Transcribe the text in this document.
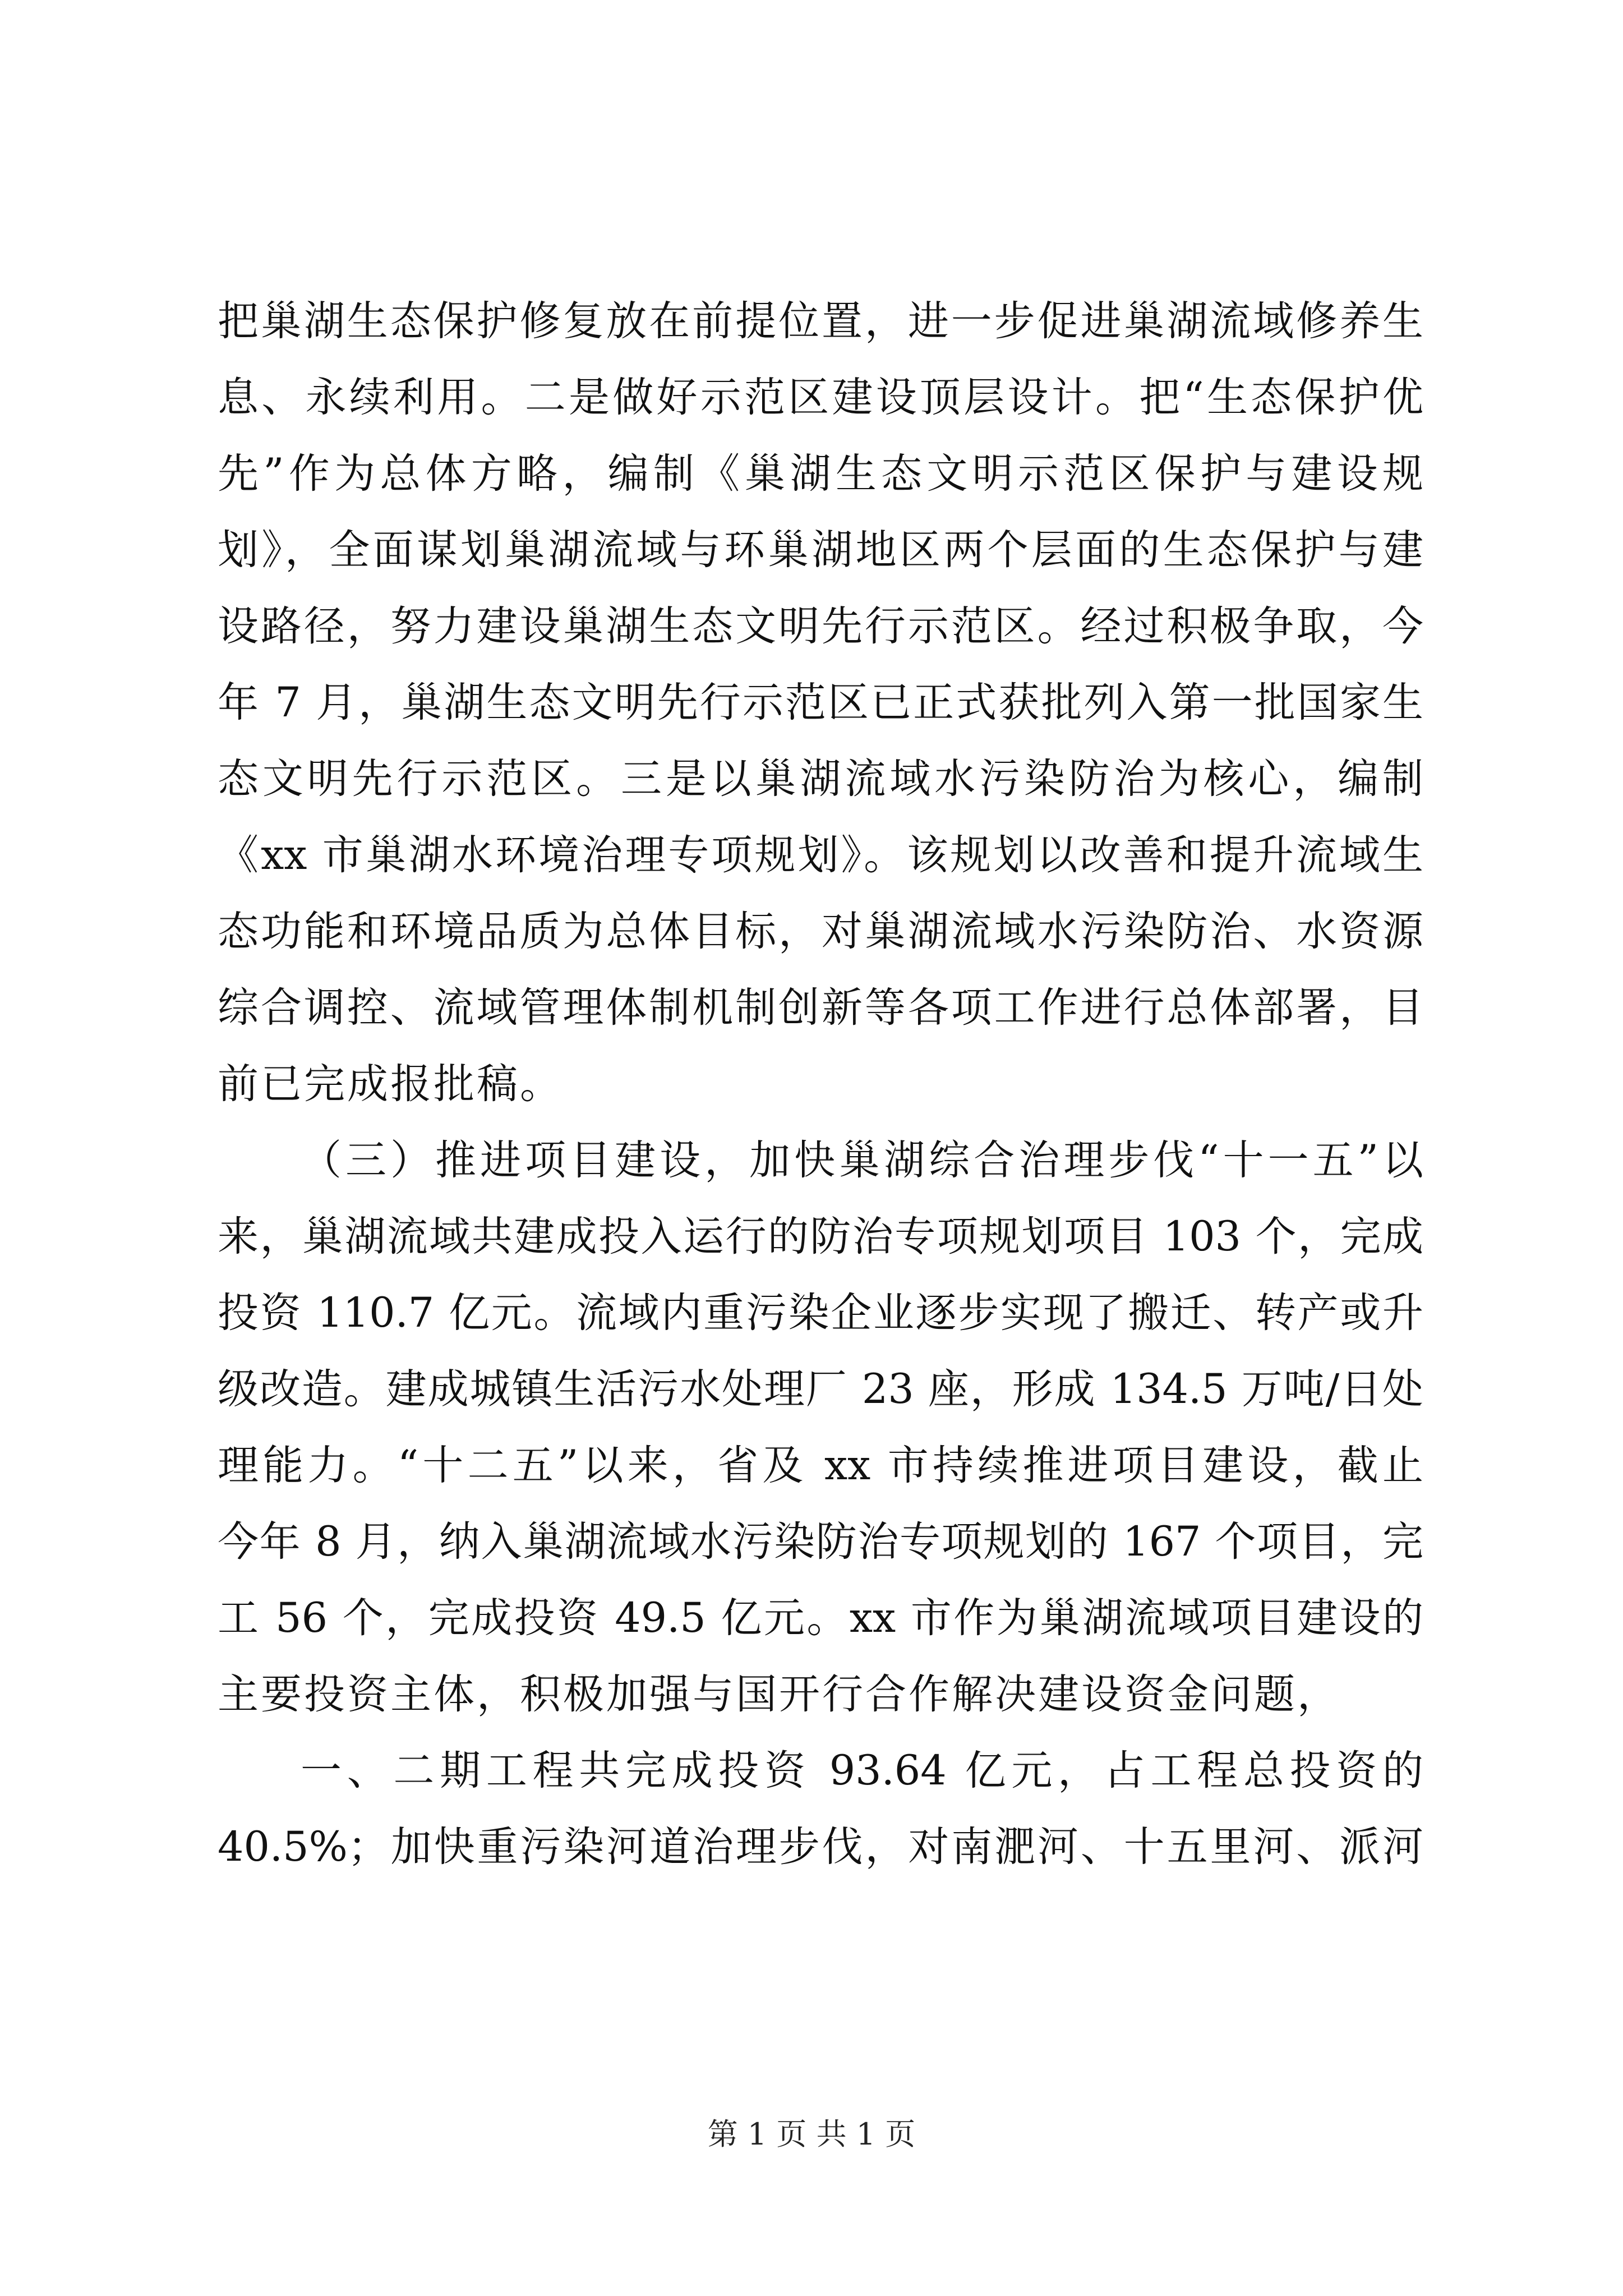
把巢湖生态保护修复放在前提位置，进一步促进巢湖流域修养生
息、永续利用。二是做好示范区建设顶层设计。把“生态保护优
先”作为总体方略，编制《巢湖生态文明示范区保护与建设规
划》，全面谋划巢湖流域与环巢湖地区两个层面的生态保护与建
设路径，努力建设巢湖生态文明先行示范区。经过积极争取，今
年 7 月，巢湖生态文明先行示范区已正式获批列入第一批国家生
态文明先行示范区。三是以巢湖流域水污染防治为核心，编制
《xx 市巢湖水环境治理专项规划》。该规划以改善和提升流域生
态功能和环境品质为总体目标，对巢湖流域水污染防治、水资源
综合调控、流域管理体制机制创新等各项工作进行总体部署，目
前已完成报批稿。
（三）推进项目建设，加快巢湖综合治理步伐“十一五”以
来，巢湖流域共建成投入运行的防治专项规划项目 103 个，完成
投资 110.7 亿元。流域内重污染企业逐步实现了搬迁、转产或升
级改造。建成城镇生活污水处理厂 23 座，形成 134.5 万吨/日处
理能力。“十二五”以来，省及 xx 市持续推进项目建设，截止
今年 8 月，纳入巢湖流域水污染防治专项规划的 167 个项目，完
工 56 个，完成投资 49.5 亿元。xx 市作为巢湖流域项目建设的
主要投资主体，积极加强与国开行合作解决建设资金问题，
一、二期工程共完成投资 93.64 亿元，占工程总投资的
40.5%；加快重污染河道治理步伐，对南淝河、十五里河、派河
第 1 页 共 1 页
